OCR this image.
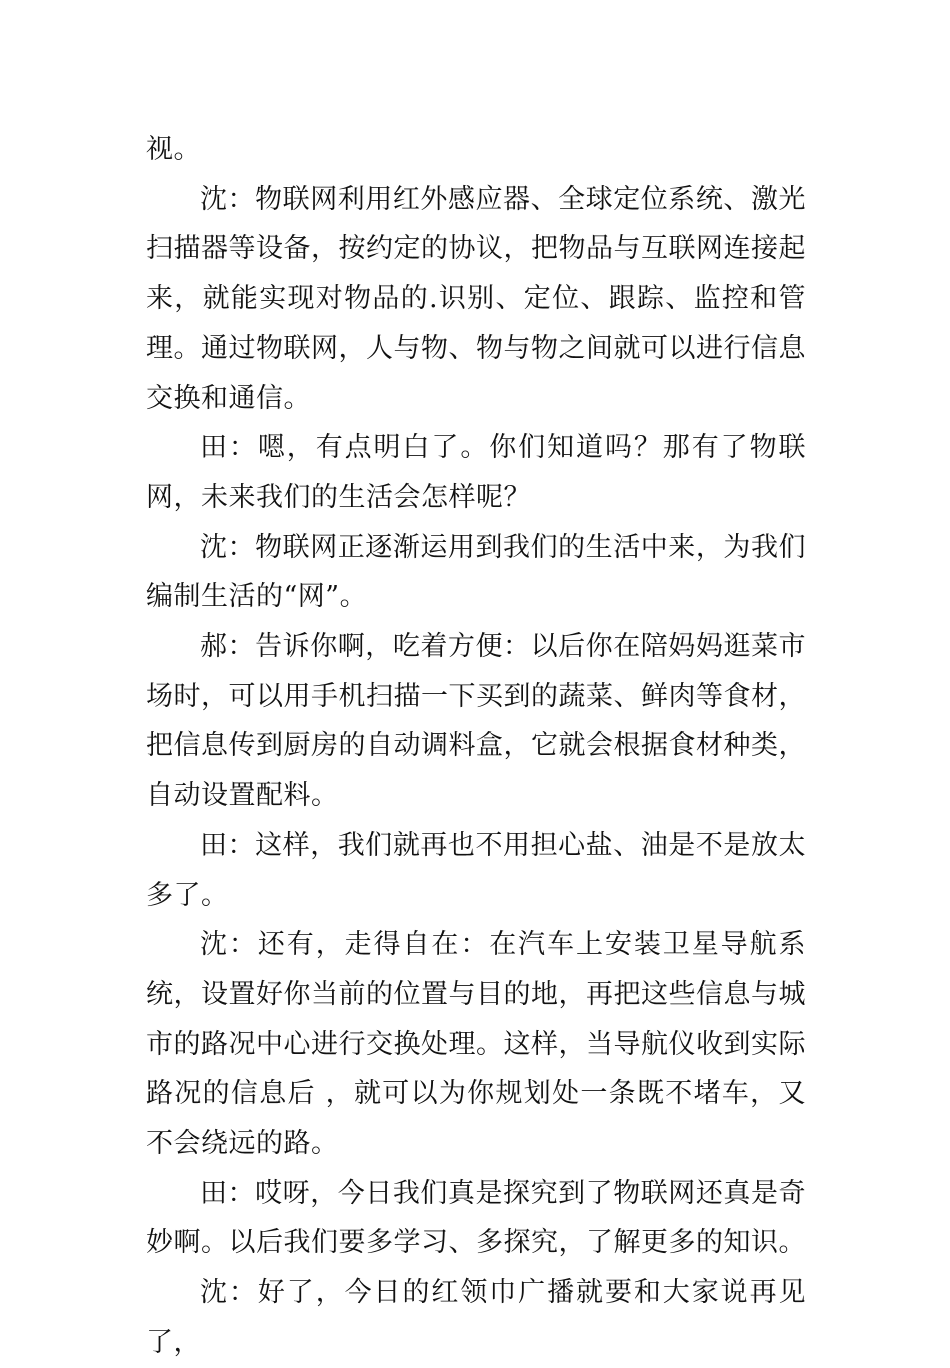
视。

沈：物联网利用红外感应器、全球定位系统、激光扫描器等设备，按约定的协议，把物品与互联网连接起来，就能实现对物品的.识别、定位、跟踪、监控和管理。通过物联网，人与物、物与物之间就可以进行信息交换和通信。

田：嗯，有点明白了。你们知道吗？那有了物联网，未来我们的生活会怎样呢？

沈：物联网正逐渐运用到我们的生活中来，为我们编制生活的“网”。

郝：告诉你啊，吃着方便：以后你在陪妈妈逛菜市场时，可以用手机扫描一下买到的蔬菜、鲜肉等食材，把信息传到厨房的自动调料盒，它就会根据食材种类，自动设置配料。

田：这样，我们就再也不用担心盐、油是不是放太多了。

沈：还有，走得自在：在汽车上安装卫星导航系统，设置好你当前的位置与目的地，再把这些信息与城市的路况中心进行交换处理。这样，当导航仪收到实际路况的信息后 ，就可以为你规划处一条既不堵车，又不会绕远的路。

田：哎呀，今日我们真是探究到了物联网还真是奇妙啊。以后我们要多学习、多探究，了解更多的知识。

沈：好了，今日的红领巾广播就要和大家说再见了，
